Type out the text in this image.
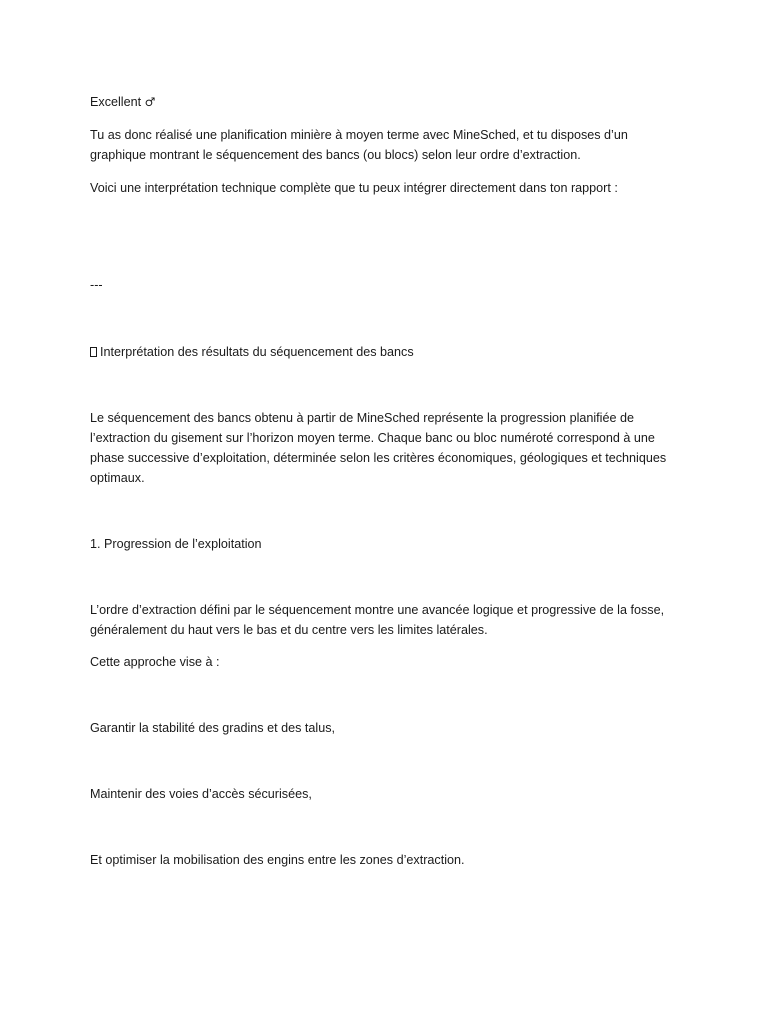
Excellent ♂

Tu as donc réalisé une planification minière à moyen terme avec MineSched, et tu disposes d’un

graphique montrant le séquencement des bancs (ou blocs) selon leur ordre d’extraction.

Voici une interprétation technique complète que tu peux intégrer directement dans ton rapport :

---

Interprétation des résultats du séquencement des bancs

Le séquencement des bancs obtenu à partir de MineSched représente la progression planifiée de

l’extraction du gisement sur l’horizon moyen terme. Chaque banc ou bloc numéroté correspond à une

phase successive d’exploitation, déterminée selon les critères économiques, géologiques et techniques

optimaux.

1. Progression de l’exploitation

L’ordre d’extraction défini par le séquencement montre une avancée logique et progressive de la fosse,

généralement du haut vers le bas et du centre vers les limites latérales.

Cette approche vise à :

Garantir la stabilité des gradins et des talus,

Maintenir des voies d’accès sécurisées,

Et optimiser la mobilisation des engins entre les zones d’extraction.
